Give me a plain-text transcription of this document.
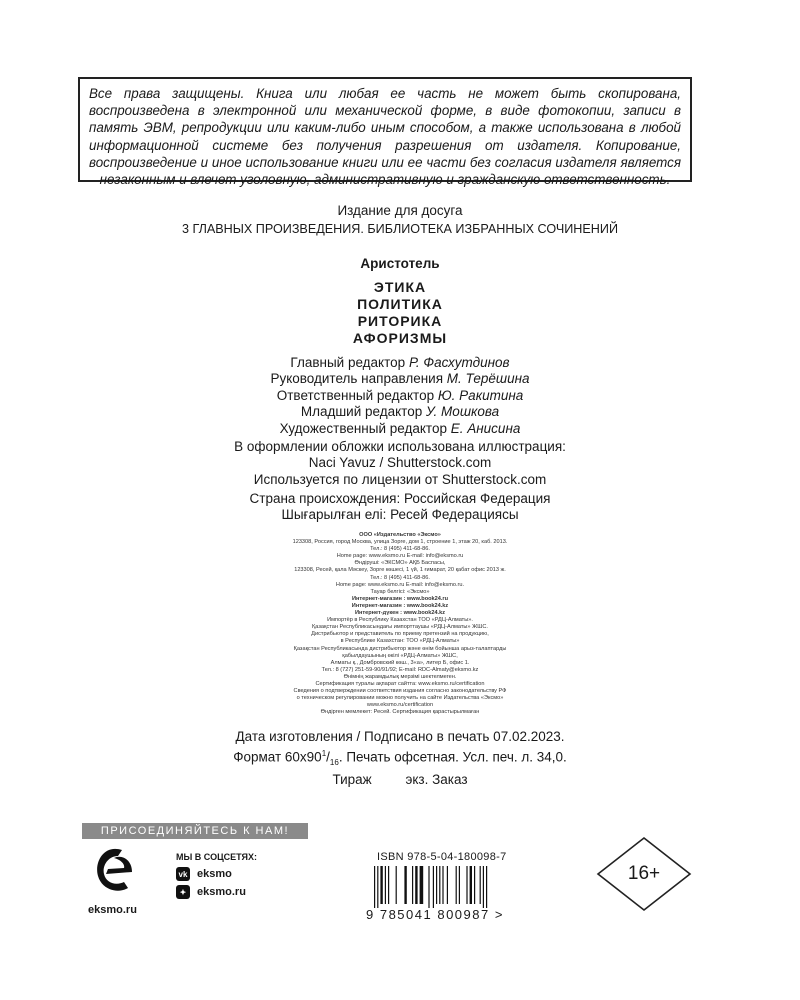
Все права защищены. Книга или любая ее часть не может быть скопирована, воспроизведена в электронной или механической форме, в виде фотокопии, записи в память ЭВМ, репродукции или каким-либо иным способом, а также использована в любой информационной системе без получения разрешения от издателя. Копирование, воспроизведение и иное использование книги или ее части без согласия издателя является незаконным и влечет уголовную, административную и гражданскую ответственность.
Издание для досуга
3 ГЛАВНЫХ ПРОИЗВЕДЕНИЯ. БИБЛИОТЕКА ИЗБРАННЫХ СОЧИНЕНИЙ
Аристотель
ЭТИКА
ПОЛИТИКА
РИТОРИКА
АФОРИЗМЫ
Главный редактор Р. Фасхутдинов
Руководитель направления М. Терёшина
Ответственный редактор Ю. Ракитина
Младший редактор У. Мошкова
Художественный редактор Е. Анисина
В оформлении обложки использована иллюстрация:
Naci Yavuz / Shutterstock.com
Используется по лицензии от Shutterstock.com
Страна происхождения: Российская Федерация
Шығарылған елі: Ресей Федерациясы
ООО «Издательство «Эксмо»
123308, Россия, город Москва, улица Зорге, дом 1, строение 1, этаж 20, каб. 2013.
Тел.: 8 (495) 411-68-86.
Home page: www.eksmo.ru E-mail: info@eksmo.ru
Өндіруші: «ЭКСМО» АҚБ Баспасы,
123308, Ресей, қала Мәскеу, Зорге көшесі, 1 үй, 1 ғимарат, 20 қабат офис 2013 ж.
Тел.: 8 (495) 411-68-86.
Home page: www.eksmo.ru E-mail: info@eksmo.ru.
Тауар белгісі: «Эксмо»
Интернет-магазин : www.book24.ru
Интернет-магазин : www.book24.kz
Интернет-дүкен : www.book24.kz
Импортёр в Республику Казахстан ТОО «РДЦ-Алматы».
Қазақстан Республикасындағы импорттаушы «РДЦ-Алматы» ЖШС.
Дистрибьютор и представитель по приему претензий на продукцию,
в Республике Казахстан: ТОО «РДЦ-Алматы»
Қазақстан Республикасында дистрибьютор және өнім бойынша арыз-талаптарды
қабылдаушының өкілі «РДЦ-Алматы» ЖШС,
Алматы қ., Домбровский көш., 3«а», литер Б, офис 1.
Тел.: 8 (727) 251-59-90/91/92; E-mail: RDC-Almaty@eksmo.kz
Өнімнің жарамдылық мерзімі шектелмеген.
Сертификация туралы ақпарат сайтта: www.eksmo.ru/certification
Сведения о подтверждении соответствия издания согласно законодательству РФ
о техническом регулировании можно получить на сайте Издательства «Эксмо»
www.eksmo.ru/certification
Өндірген мемлекет: Ресей. Сертификация қарастырылмаған
Дата изготовления / Подписано в печать 07.02.2023.
Формат $60x90^1/_{16}$. Печать офсетная. Усл. печ. л. 34,0.
Тираж         экз. Заказ
ПРИСОЕДИНЯЙТЕСЬ К НАМ!
eksmo.ru
МЫ В СОЦСЕТЯХ:
vk eksmo
✦ eksmo.ru
ISBN 978-5-04-180098-7
9 785041 800987 >
16+
